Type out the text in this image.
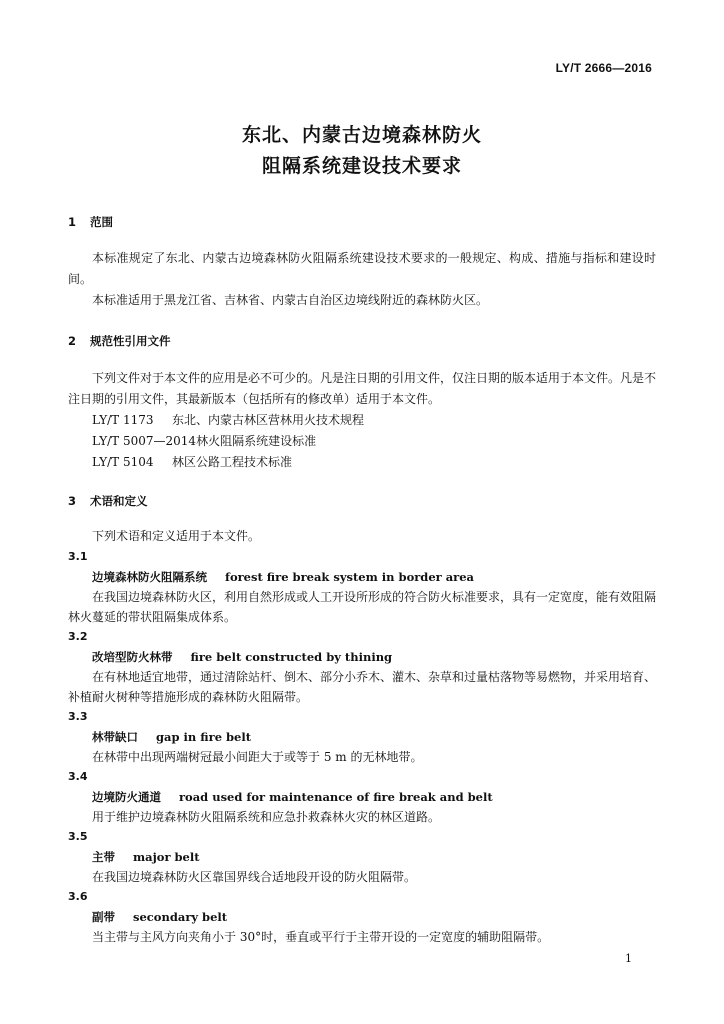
LY/T 2666—2016
东北、内蒙古边境森林防火
阻隔系统建设技术要求
1 范围
本标准规定了东北、内蒙古边境森林防火阻隔系统建设技术要求的一般规定、构成、措施与指标和建设时间。
本标准适用于黑龙江省、吉林省、内蒙古自治区边境线附近的森林防火区。
2 规范性引用文件
下列文件对于本文件的应用是必不可少的。凡是注日期的引用文件，仅注日期的版本适用于本文件。凡是不注日期的引用文件，其最新版本（包括所有的修改单）适用于本文件。
LY/T 1173 东北、内蒙古林区营林用火技术规程
LY/T 5007—2014林火阻隔系统建设标准
LY/T 5104 林区公路工程技术标准
3 术语和定义
下列术语和定义适用于本文件。
3.1
边境森林防火阻隔系统 forest fire break system in border area
在我国边境森林防火区，利用自然形成或人工开设所形成的符合防火标准要求，具有一定宽度，能有效阻隔林火蔓延的带状阻隔集成体系。
3.2
改培型防火林带 fire belt constructed by thining
在有林地适宜地带，通过清除站杆、倒木、部分小乔木、灌木、杂草和过量枯落物等易燃物，并采用培育、补植耐火树种等措施形成的森林防火阻隔带。
3.3
林带缺口 gap in fire belt
在林带中出现两端树冠最小间距大于或等于 5 m 的无林地带。
3.4
边境防火通道 road used for maintenance of fire break and belt
用于维护边境森林防火阻隔系统和应急扑救森林火灾的林区道路。
3.5
主带 major belt
在我国边境森林防火区靠国界线合适地段开设的防火阻隔带。
3.6
副带 secondary belt
当主带与主风方向夹角小于 30°时，垂直或平行于主带开设的一定宽度的辅助阻隔带。
1
